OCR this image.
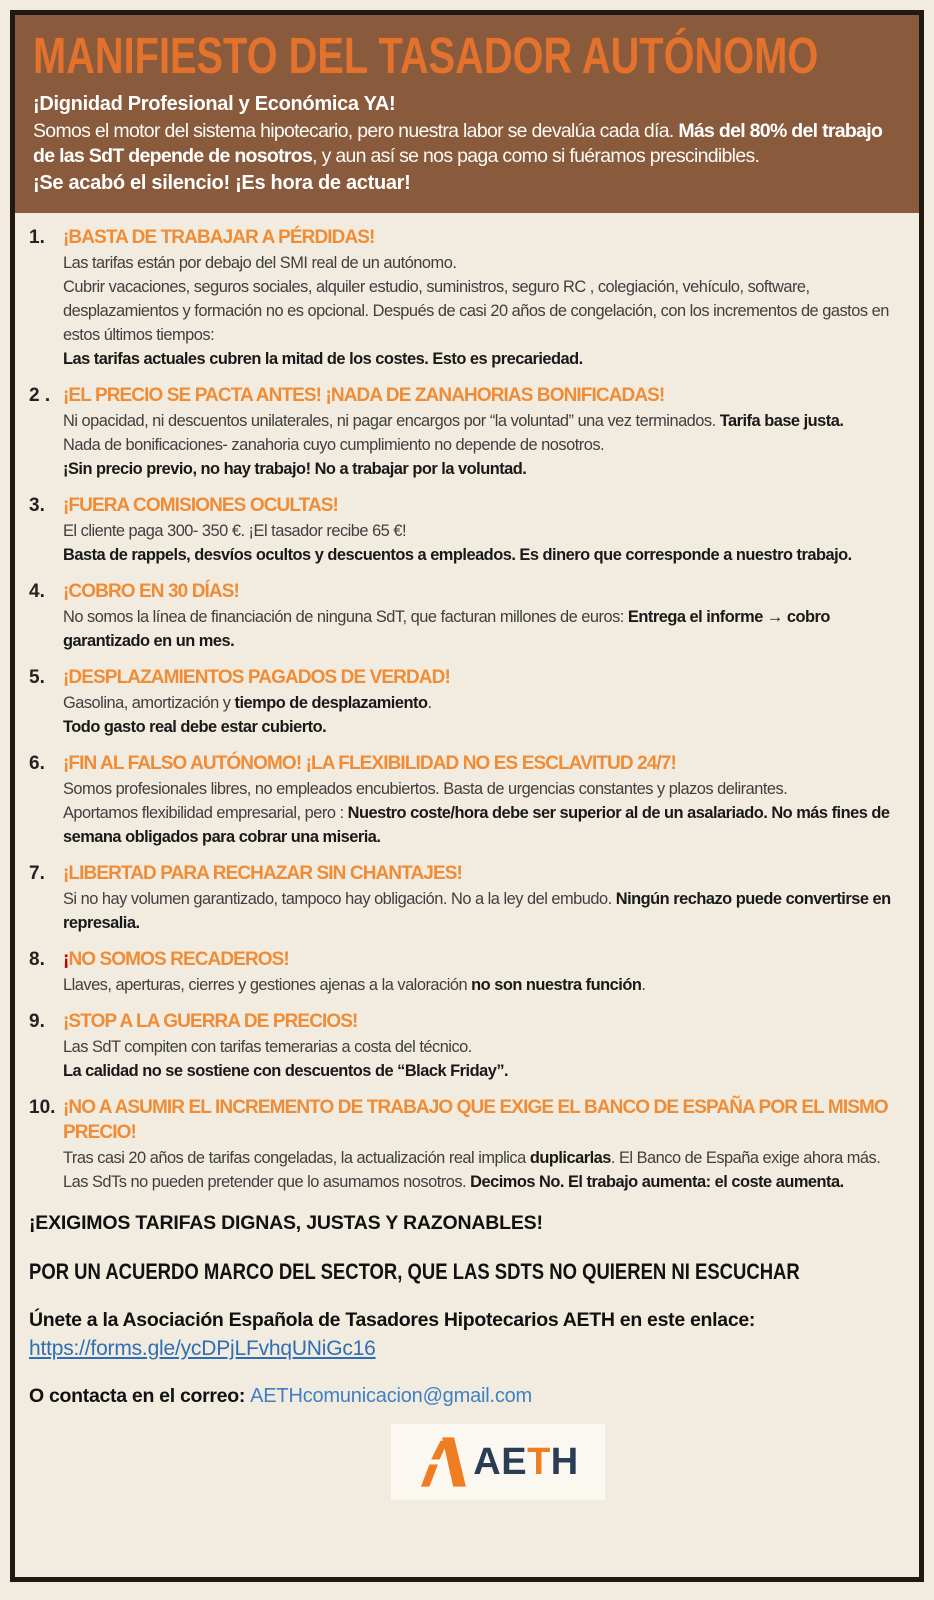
MANIFIESTO DEL TASADOR AUTÓNOMO

¡Dignidad Profesional y Económica YA!

Somos el motor del sistema hipotecario, pero nuestra labor se devalúa cada día. Más del 80% del trabajo de las SdT depende de nosotros, y aun así se nos paga como si fuéramos prescindibles.

¡Se acabó el silencio! ¡Es hora de actuar!

1. ¡BASTA DE TRABAJAR A PÉRDIDAS!

Las tarifas están por debajo del SMI real de un autónomo.

Cubrir vacaciones, seguros sociales, alquiler estudio, suministros, seguro RC , colegiación, vehículo, software, desplazamientos y formación no es opcional. Después de casi 20 años de congelación, con los incrementos de gastos en estos últimos tiempos:

Las tarifas actuales cubren la mitad de los costes. Esto es precariedad.

2 . ¡EL PRECIO SE PACTA ANTES! ¡NADA DE ZANAHORIAS BONIFICADAS!

Ni opacidad, ni descuentos unilaterales, ni pagar encargos por “la voluntad” una vez terminados. Tarifa base justa.

Nada de bonificaciones- zanahoria cuyo cumplimiento no depende de nosotros.

¡Sin precio previo, no hay trabajo! No a trabajar por la voluntad.

3. ¡FUERA COMISIONES OCULTAS!

El cliente paga 300- 350 €. ¡El tasador recibe 65 €!

Basta de rappels, desvíos ocultos y descuentos a empleados. Es dinero que corresponde a nuestro trabajo.

4. ¡COBRO EN 30 DÍAS!

No somos la línea de financiación de ninguna SdT, que facturan millones de euros: Entrega el informe → cobro garantizado en un mes.

5. ¡DESPLAZAMIENTOS PAGADOS DE VERDAD!

Gasolina, amortización y tiempo de desplazamiento.

Todo gasto real debe estar cubierto.

6. ¡FIN AL FALSO AUTÓNOMO! ¡LA FLEXIBILIDAD NO ES ESCLAVITUD 24/7!

Somos profesionales libres, no empleados encubiertos. Basta de urgencias constantes y plazos delirantes.

Aportamos flexibilidad empresarial, pero : Nuestro coste/hora debe ser superior al de un asalariado. No más fines de semana obligados para cobrar una miseria.

7. ¡LIBERTAD PARA RECHAZAR SIN CHANTAJES!

Si no hay volumen garantizado, tampoco hay obligación. No a la ley del embudo. Ningún rechazo puede convertirse en represalia.

8. ¡NO SOMOS RECADEROS!

Llaves, aperturas, cierres y gestiones ajenas a la valoración no son nuestra función.

9. ¡STOP A LA GUERRA DE PRECIOS!

Las SdT compiten con tarifas temerarias a costa del técnico.

La calidad no se sostiene con descuentos de “Black Friday”.

10. ¡NO A ASUMIR EL INCREMENTO DE TRABAJO QUE EXIGE EL BANCO DE ESPAÑA POR EL MISMO PRECIO!

Tras casi 20 años de tarifas congeladas, la actualización real implica duplicarlas. El Banco de España exige ahora más. Las SdTs no pueden pretender que lo asumamos nosotros. Decimos No. El trabajo aumenta: el coste aumenta.

¡EXIGIMOS TARIFAS DIGNAS, JUSTAS Y RAZONABLES!

POR UN ACUERDO MARCO DEL SECTOR, QUE LAS SDTS NO QUIEREN NI ESCUCHAR

Únete a la Asociación Española de Tasadores Hipotecarios AETH en este enlace:

https://forms.gle/ycDPjLFvhqUNiGc16

O contacta en el correo: AETHcomunicacion@gmail.com

AETH
